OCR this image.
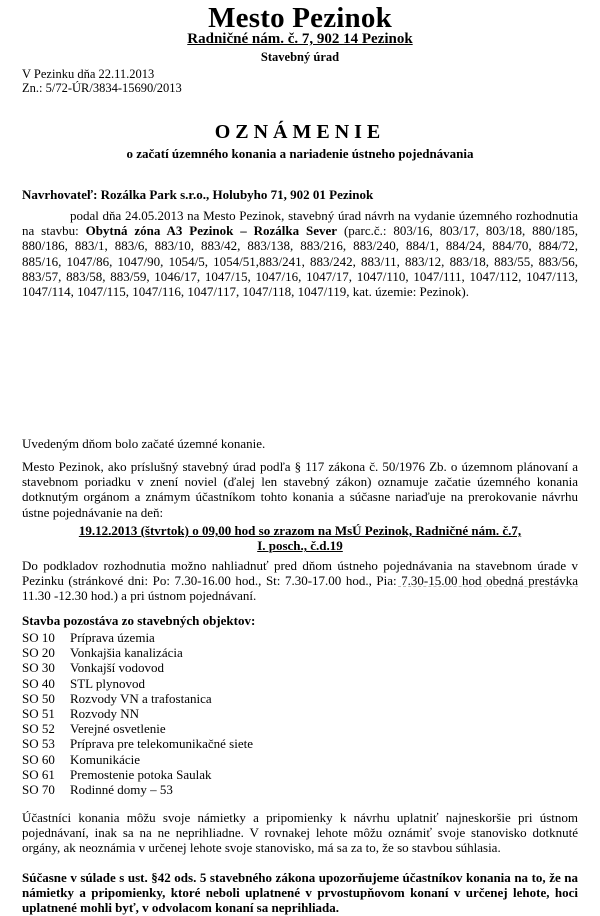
Mesto Pezinok
Radničné nám. č. 7, 902 14 Pezinok
Stavebný úrad
V Pezinku dňa 22.11.2013
Zn.: 5/72-ÚR/3834-15690/2013
OZNÁMENIE
o začatí územného konania a nariadenie ústneho pojednávania
Navrhovateľ: Rozálka Park s.r.o., Holubyho 71, 902 01 Pezinok
podal dňa 24.05.2013 na Mesto Pezinok, stavebný úrad návrh na vydanie územného rozhodnutia na stavbu: Obytná zóna A3 Pezinok – Rozálka Sever (parc.č.: 803/16, 803/17, 803/18, 880/185, 880/186, 883/1, 883/6, 883/10, 883/42, 883/138, 883/216, 883/240, 884/1, 884/24, 884/70, 884/72, 885/16, 1047/86, 1047/90, 1054/5, 1054/51,883/241, 883/242, 883/11, 883/12, 883/18, 883/55, 883/56, 883/57, 883/58, 883/59, 1046/17, 1047/15, 1047/16, 1047/17, 1047/110, 1047/111, 1047/112, 1047/113, 1047/114, 1047/115, 1047/116, 1047/117, 1047/118, 1047/119, kat. územie: Pezinok).
Uvedeným dňom bolo začaté územné konanie.
Mesto Pezinok, ako príslušný stavebný úrad podľa § 117 zákona č. 50/1976 Zb. o územnom plánovaní a stavebnom poriadku v znení noviel (ďalej len stavebný zákon) oznamuje začatie územného konania dotknutým orgánom a známym účastníkom tohto konania a súčasne nariaďuje na prerokovanie návrhu ústne pojednávanie na deň:
19.12.2013 (štvrtok) o 09,00 hod so zrazom na MsÚ Pezinok, Radničné nám. č.7,
I. posch., č.d.19
Do podkladov rozhodnutia možno nahliadnuť pred dňom ústneho pojednávania na stavebnom úrade v Pezinku (stránkové dni: Po: 7.30-16.00 hod., St: 7.30-17.00 hod., Pia: 7.30-15.00 hod obedná prestávka 11.30 -12.30 hod.) a pri ústnom pojednávaní.
Stavba pozostáva zo stavebných objektov:
SO 10 Príprava územia
SO 20 Vonkajšia kanalizácia
SO 30 Vonkajší vodovod
SO 40 STL plynovod
SO 50 Rozvody VN a trafostanica
SO 51 Rozvody NN
SO 52 Verejné osvetlenie
SO 53 Príprava pre telekomunikačné siete
SO 60 Komunikácie
SO 61 Premostenie potoka Saulak
SO 70 Rodinné domy – 53
Účastníci konania môžu svoje námietky a pripomienky k návrhu uplatniť najneskoršie pri ústnom pojednávaní, inak sa na ne neprihliadne. V rovnakej lehote môžu oznámiť svoje stanovisko dotknuté orgány, ak neoznámia v určenej lehote svoje stanovisko, má sa za to, že so stavbou súhlasia.
Súčasne v súlade s ust. §42 ods. 5 stavebného zákona upozorňujeme účastníkov konania na to, že na námietky a pripomienky, ktoré neboli uplatnené v prvostupňovom konaní v určenej lehote, hoci uplatnené mohli byť, v odvolacom konaní sa neprihliada.
